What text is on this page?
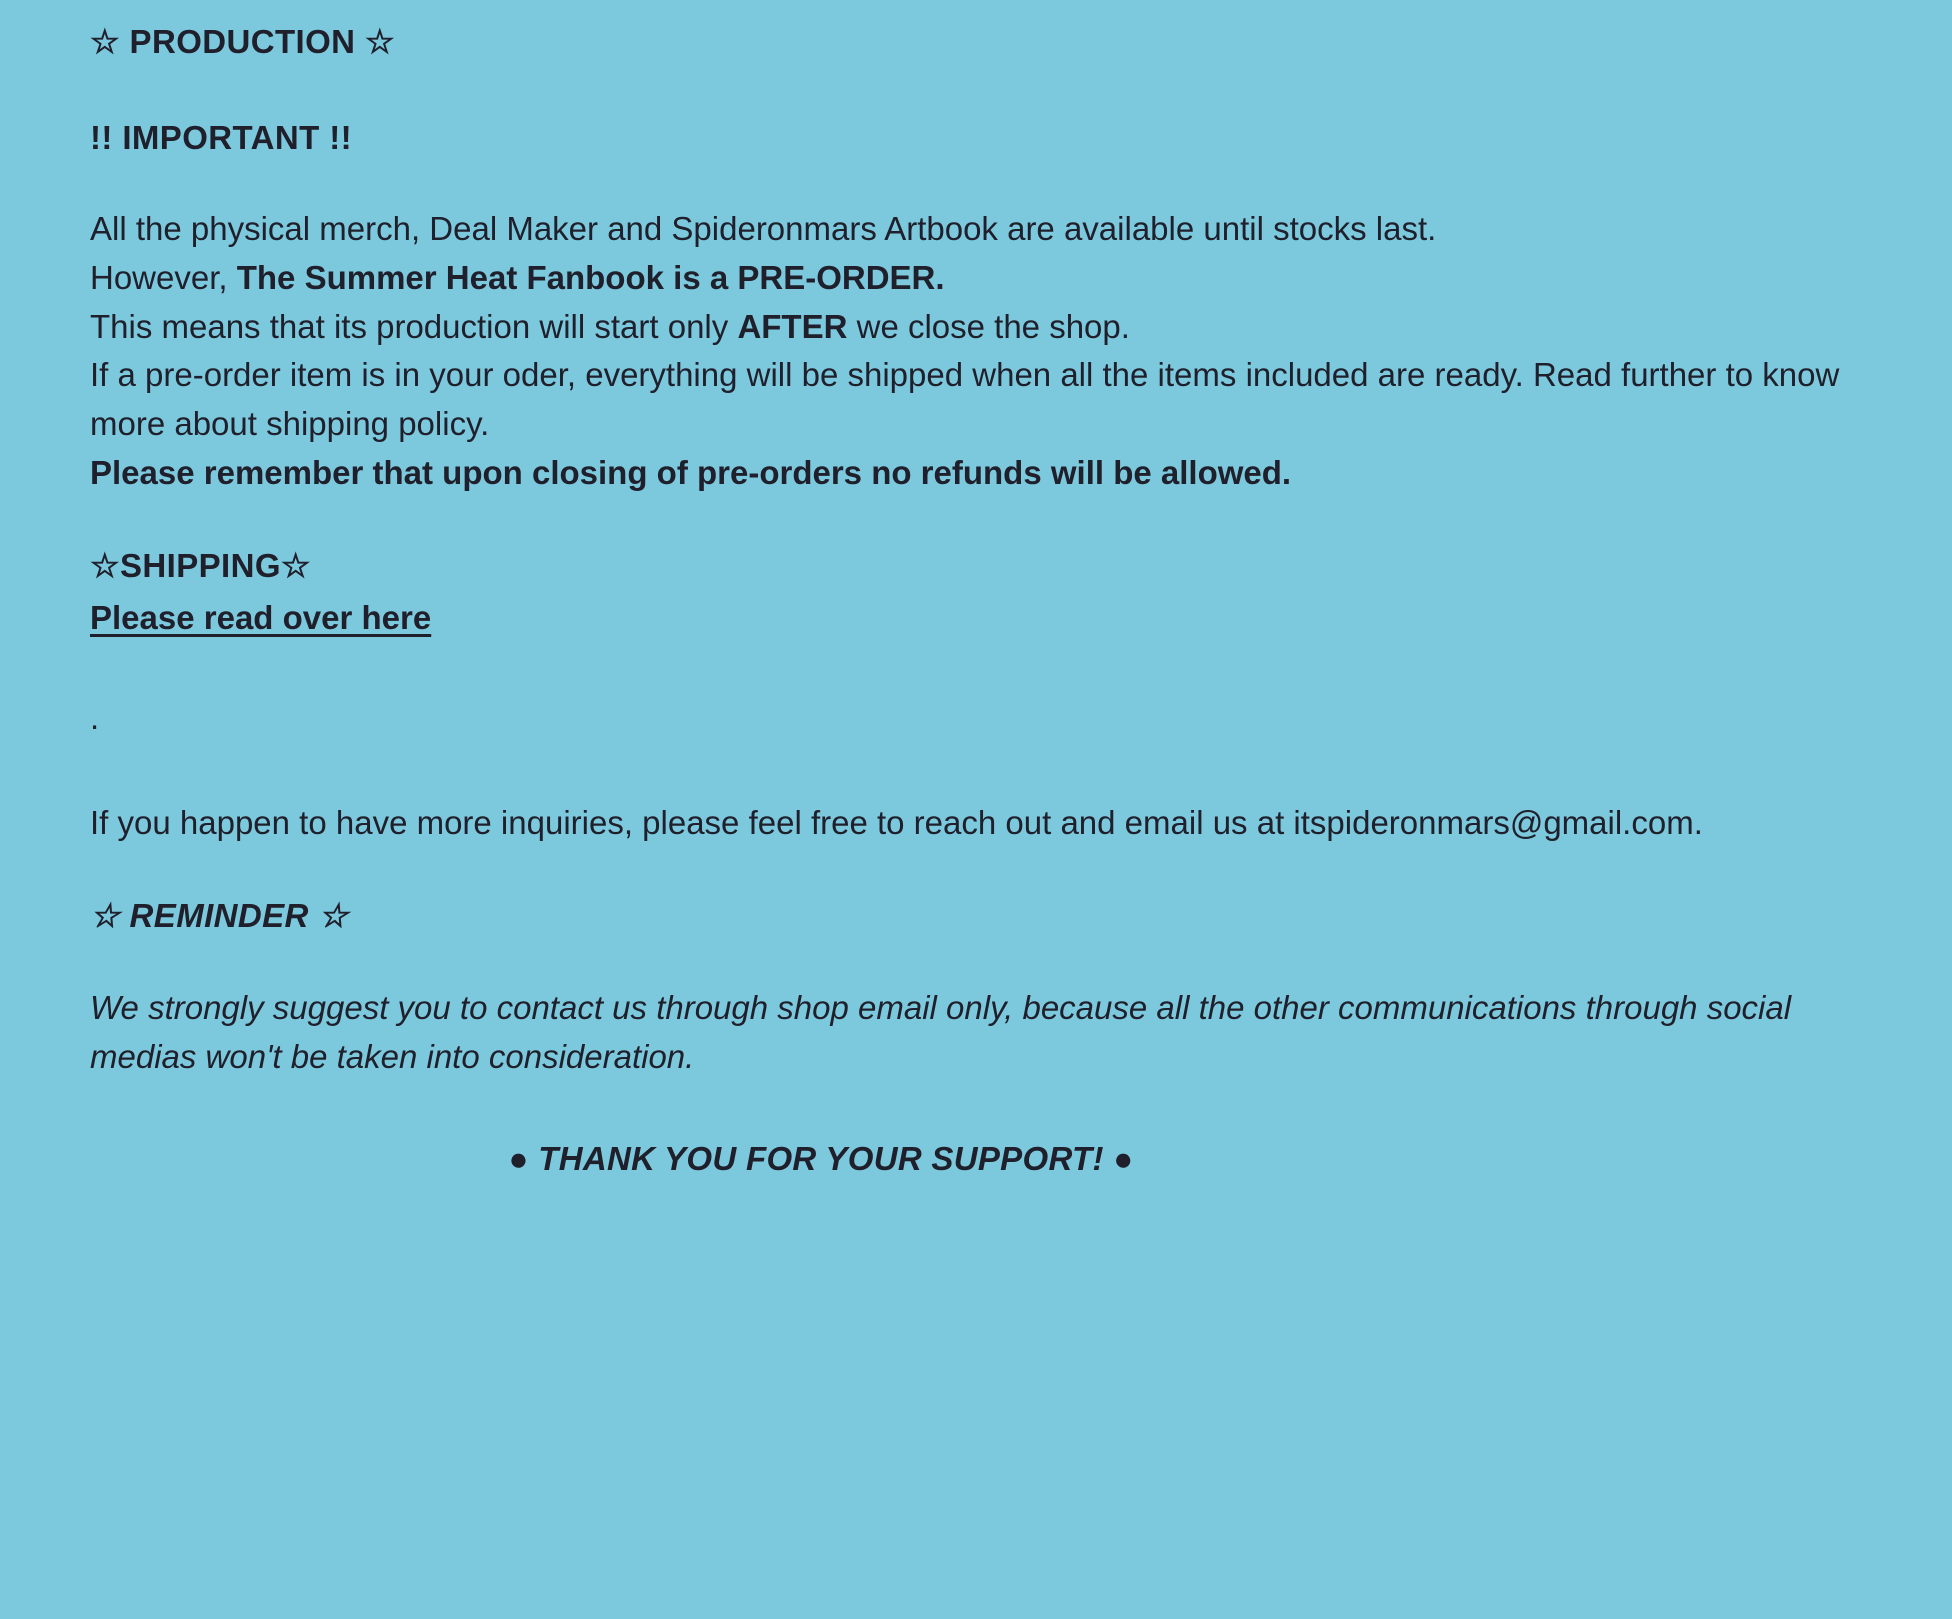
☆ PRODUCTION ☆
!! IMPORTANT !!
All the physical merch, Deal Maker and Spideronmars Artbook are available until stocks last.
However, The Summer Heat Fanbook is a PRE-ORDER.
This means that its production will start only AFTER we close the shop.
If a pre-order item is in your oder, everything will be shipped when all the items included are ready. Read further to know more about shipping policy.
Please remember that upon closing of pre-orders no refunds will be allowed.
☆SHIPPING☆
Please read over here
.
If you happen to have more inquiries, please feel free to reach out and email us at itspideronmars@gmail.com.
☆ REMINDER ☆
We strongly suggest you to contact us through shop email only, because all the other communications through social medias won't be taken into consideration.
● THANK YOU FOR YOUR SUPPORT! ●
